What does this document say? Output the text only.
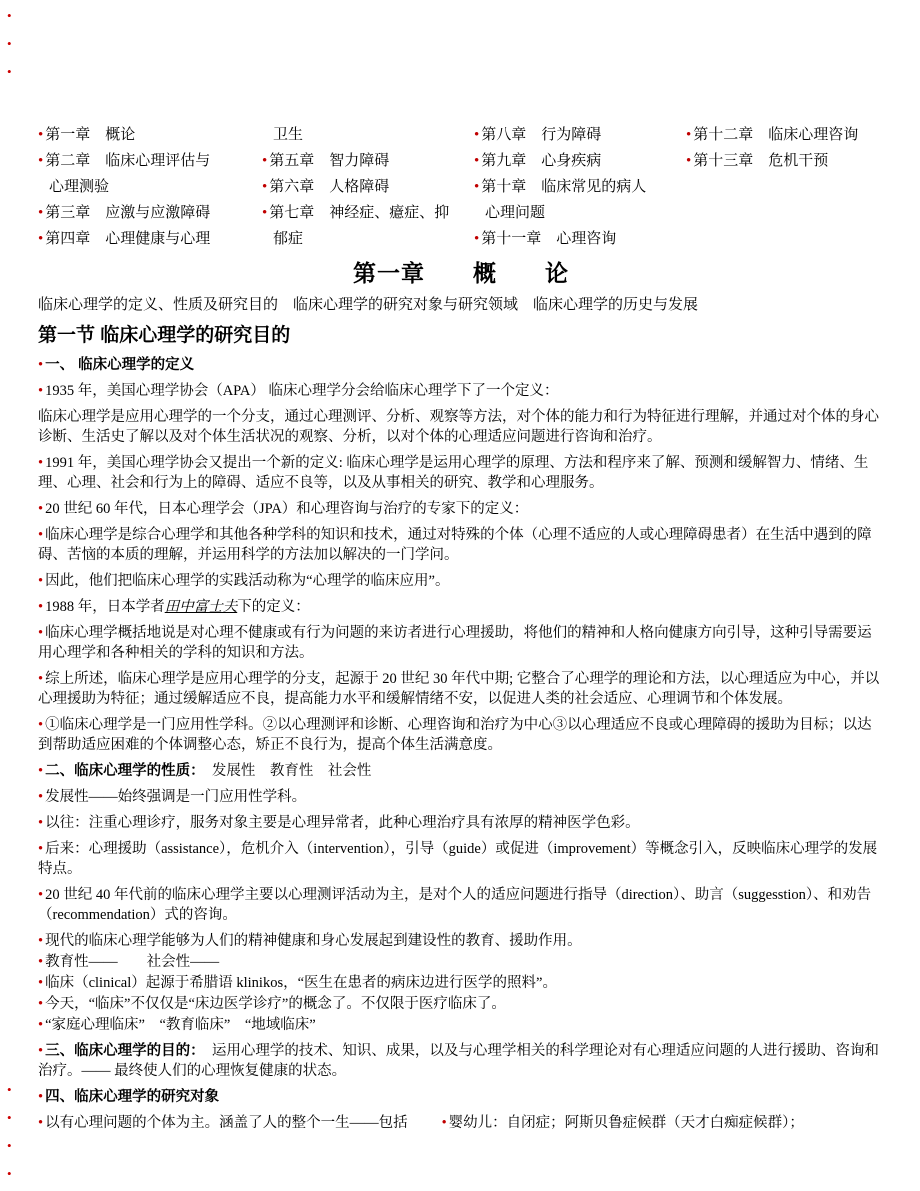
•
•
•
•
•
•
•
• 第一章　概论
• 第二章　临床心理评估与
心理测验
• 第三章　应激与应激障碍
• 第四章　心理健康与心理
卫生
• 第五章　智力障碍
• 第六章　人格障碍
• 第七章　神经症、癔症、抑
郁症
• 第八章　行为障碍
• 第九章　心身疾病
• 第十章　临床常见的病人
心理问题
• 第十一章　心理咨询
• 第十二章　临床心理咨询
• 第十三章　危机干预
第一章　　概　　论
临床心理学的定义、性质及研究目的　临床心理学的研究对象与研究领域　临床心理学的历史与发展
第一节 临床心理学的研究目的
• 一、 临床心理学的定义
• 1935 年，美国心理学协会（APA） 临床心理学分会给临床心理学下了一个定义：
临床心理学是应用心理学的一个分支，通过心理测评、分析、观察等方法，对个体的能力和行为特征进行理解，并通过对个体的身心诊断、生活史了解以及对个体生活状况的观察、分析，以对个体的心理适应问题进行咨询和治疗。
• 1991 年，美国心理学协会又提出一个新的定义: 临床心理学是运用心理学的原理、方法和程序来了解、预测和缓解智力、情绪、生理、心理、社会和行为上的障碍、适应不良等，以及从事相关的研究、教学和心理服务。
• 20 世纪 60 年代，日本心理学会（JPA）和心理咨询与治疗的专家下的定义：
• 临床心理学是综合心理学和其他各种学科的知识和技术，通过对特殊的个体（心理不适应的人或心理障碍患者）在生活中遇到的障碍、苦恼的本质的理解，并运用科学的方法加以解决的一门学问。
• 因此，他们把临床心理学的实践活动称为“心理学的临床应用”。
• 1988 年，日本学者田中富士夫下的定义：
• 临床心理学概括地说是对心理不健康或有行为问题的来访者进行心理援助，将他们的精神和人格向健康方向引导，这种引导需要运用心理学和各种相关的学科的知识和方法。
• 综上所述，临床心理学是应用心理学的分支，起源于 20 世纪 30 年代中期; 它整合了心理学的理论和方法，以心理适应为中心，并以心理援助为特征；通过缓解适应不良，提高能力水平和缓解情绪不安，以促进人类的社会适应、心理调节和个体发展。
• ①临床心理学是一门应用性学科。②以心理测评和诊断、心理咨询和治疗为中心③以心理适应不良或心理障碍的援助为目标；以达到帮助适应困难的个体调整心态，矫正不良行为，提高个体生活满意度。
• 二、临床心理学的性质：　发展性　教育性　社会性
• 发展性——始终强调是一门应用性学科。
• 以往：注重心理诊疗，服务对象主要是心理异常者，此种心理治疗具有浓厚的精神医学色彩。
• 后来：心理援助（assistance），危机介入（intervention），引导（guide）或促进（improvement）等概念引入，反映临床心理学的发展特点。
• 20 世纪 40 年代前的临床心理学主要以心理测评活动为主，是对个人的适应问题进行指导（direction）、助言（suggesstion）、和劝告（recommendation）式的咨询。
• 现代的临床心理学能够为人们的精神健康和身心发展起到建设性的教育、援助作用。
• 教育性——　　社会性——
• 临床（clinical）起源于希腊语 klinikos，“医生在患者的病床边进行医学的照料”。
• 今天，“临床”不仅仅是“床边医学诊疗”的概念了。不仅限于医疗临床了。
• “家庭心理临床”　“教育临床”　“地域临床”
• 三、临床心理学的目的：　运用心理学的技术、知识、成果，以及与心理学相关的科学理论对有心理适应问题的人进行援助、咨询和治疗。—— 最终使人们的心理恢复健康的状态。
• 四、临床心理学的研究对象
• 以有心理问题的个体为主。涵盖了人的整个一生——包括 • 婴幼儿：自闭症；阿斯贝鲁症候群（天才白痴症候群）；
